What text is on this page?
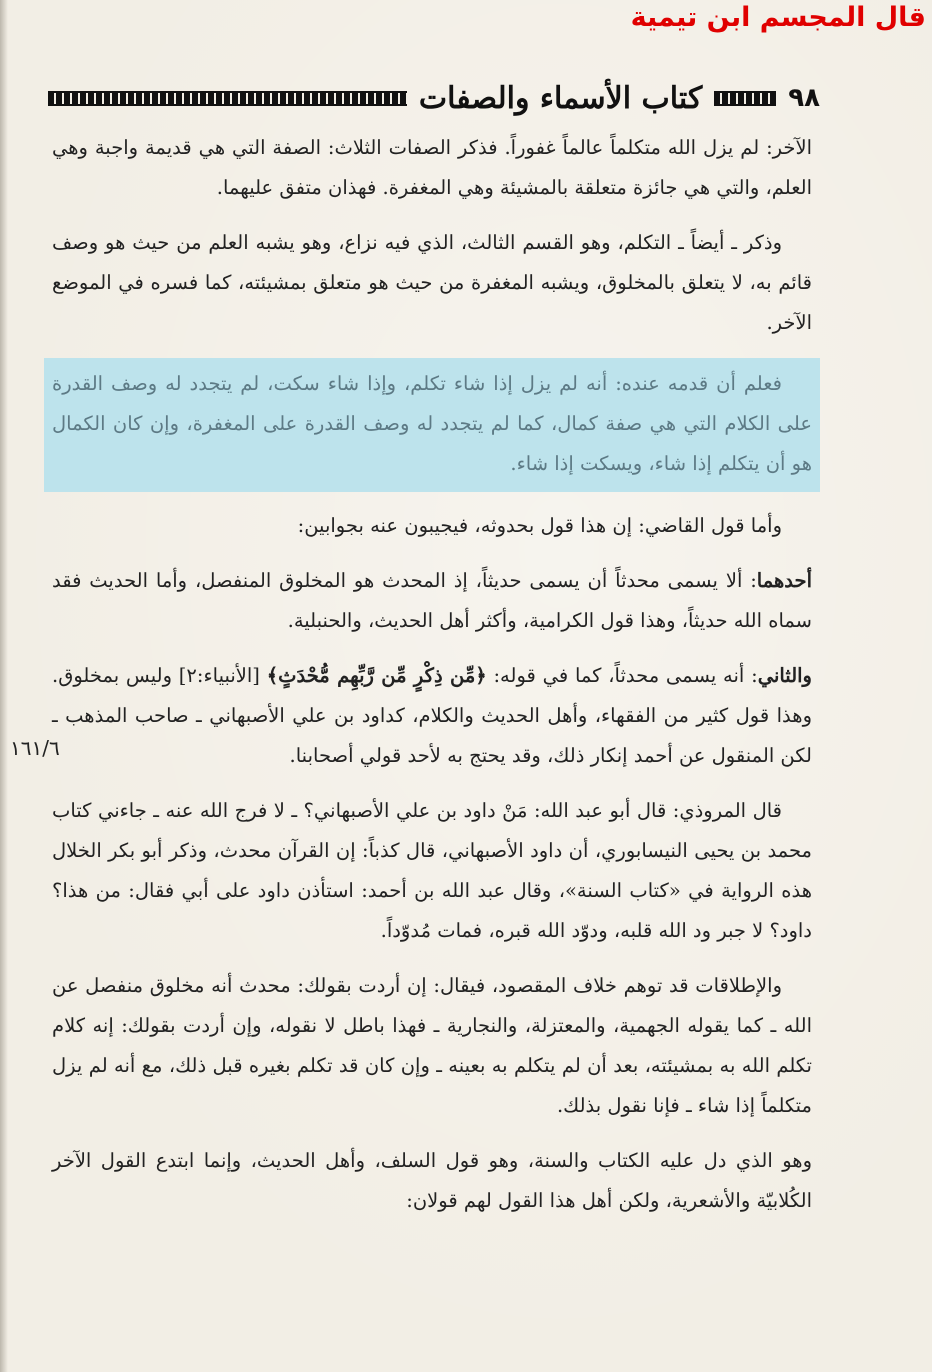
قال المجسم ابن تيمية
٩٨
كتاب الأسماء والصفات
١٦١/٦

الآخر: لم يزل الله متكلماً عالماً غفوراً. فذكر الصفات الثلاث: الصفة التي هي قديمة واجبة وهي العلم، والتي هي جائزة متعلقة بالمشيئة وهي المغفرة. فهذان متفق عليهما.

وذكر ـ أيضاً ـ التكلم، وهو القسم الثالث، الذي فيه نزاع، وهو يشبه العلم من حيث هو وصف قائم به، لا يتعلق بالمخلوق، ويشبه المغفرة من حيث هو متعلق بمشيئته، كما فسره في الموضع الآخر.

فعلم أن قدمه عنده: أنه لم يزل إذا شاء تكلم، وإذا شاء سكت، لم يتجدد له وصف القدرة على الكلام التي هي صفة كمال، كما لم يتجدد له وصف القدرة على المغفرة، وإن كان الكمال هو أن يتكلم إذا شاء، ويسكت إذا شاء.

وأما قول القاضي: إن هذا قول بحدوثه، فيجيبون عنه بجوابين:

أحدهما: ألا يسمى محدثاً أن يسمى حديثاً، إذ المحدث هو المخلوق المنفصل، وأما الحديث فقد سماه الله حديثاً، وهذا قول الكرامية، وأكثر أهل الحديث، والحنبلية.

والثاني: أنه يسمى محدثاً، كما في قوله: ﴿مِّن ذِكْرٍ مِّن رَّبِّهِم مُّحْدَثٍ﴾ [الأنبياء:٢] وليس بمخلوق. وهذا قول كثير من الفقهاء، وأهل الحديث والكلام، كداود بن علي الأصبهاني ـ صاحب المذهب ـ لكن المنقول عن أحمد إنكار ذلك، وقد يحتج به لأحد قولي أصحابنا.

قال المروذي: قال أبو عبد الله: مَنْ داود بن علي الأصبهاني؟ ـ لا فرج الله عنه ـ جاءني كتاب محمد بن يحيى النيسابوري، أن داود الأصبهاني، قال كذباً: إن القرآن محدث، وذكر أبو بكر الخلال هذه الرواية في «كتاب السنة»، وقال عبد الله بن أحمد: استأذن داود على أبي فقال: من هذا؟ داود؟ لا جبر ود الله قلبه، ودوّد الله قبره، فمات مُدوّداً.

والإطلاقات قد توهم خلاف المقصود، فيقال: إن أردت بقولك: محدث أنه مخلوق منفصل عن الله ـ كما يقوله الجهمية، والمعتزلة، والنجارية ـ فهذا باطل لا نقوله، وإن أردت بقولك: إنه كلام تكلم الله به بمشيئته، بعد أن لم يتكلم به بعينه ـ وإن كان قد تكلم بغيره قبل ذلك، مع أنه لم يزل متكلماً إذا شاء ـ فإنا نقول بذلك.

وهو الذي دل عليه الكتاب والسنة، وهو قول السلف، وأهل الحديث، وإنما ابتدع القول الآخر الكُلابيّة والأشعرية، ولكن أهل هذا القول لهم قولان:
